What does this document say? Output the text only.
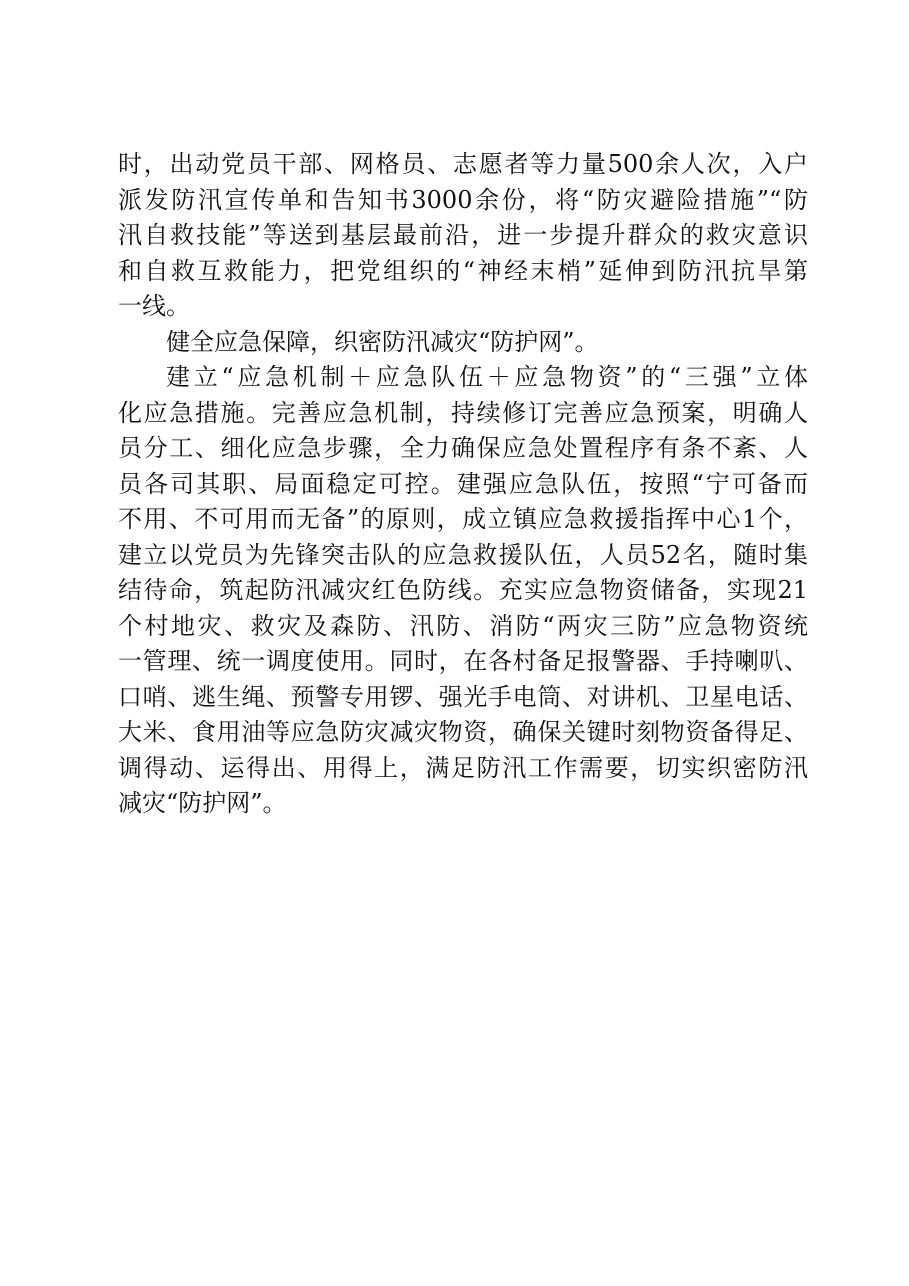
时，出动党员干部、网格员、志愿者等力量500余人次，入户
派发防汛宣传单和告知书3000余份，将“防灾避险措施”“防
汛自救技能”等送到基层最前沿，进一步提升群众的救灾意识
和自救互救能力，把党组织的“神经末梢”延伸到防汛抗旱第
一线。
健全应急保障，织密防汛减灾“防护网”。
建立“应急机制＋应急队伍＋应急物资”的“三强”立体
化应急措施。完善应急机制，持续修订完善应急预案，明确人
员分工、细化应急步骤，全力确保应急处置程序有条不紊、人
员各司其职、局面稳定可控。建强应急队伍，按照“宁可备而
不用、不可用而无备”的原则，成立镇应急救援指挥中心1个，
建立以党员为先锋突击队的应急救援队伍，人员52名，随时集
结待命，筑起防汛减灾红色防线。充实应急物资储备，实现21
个村地灾、救灾及森防、汛防、消防“两灾三防”应急物资统
一管理、统一调度使用。同时，在各村备足报警器、手持喇叭、
口哨、逃生绳、预警专用锣、强光手电筒、对讲机、卫星电话、
大米、食用油等应急防灾减灾物资，确保关键时刻物资备得足、
调得动、运得出、用得上，满足防汛工作需要，切实织密防汛
减灾“防护网”。
